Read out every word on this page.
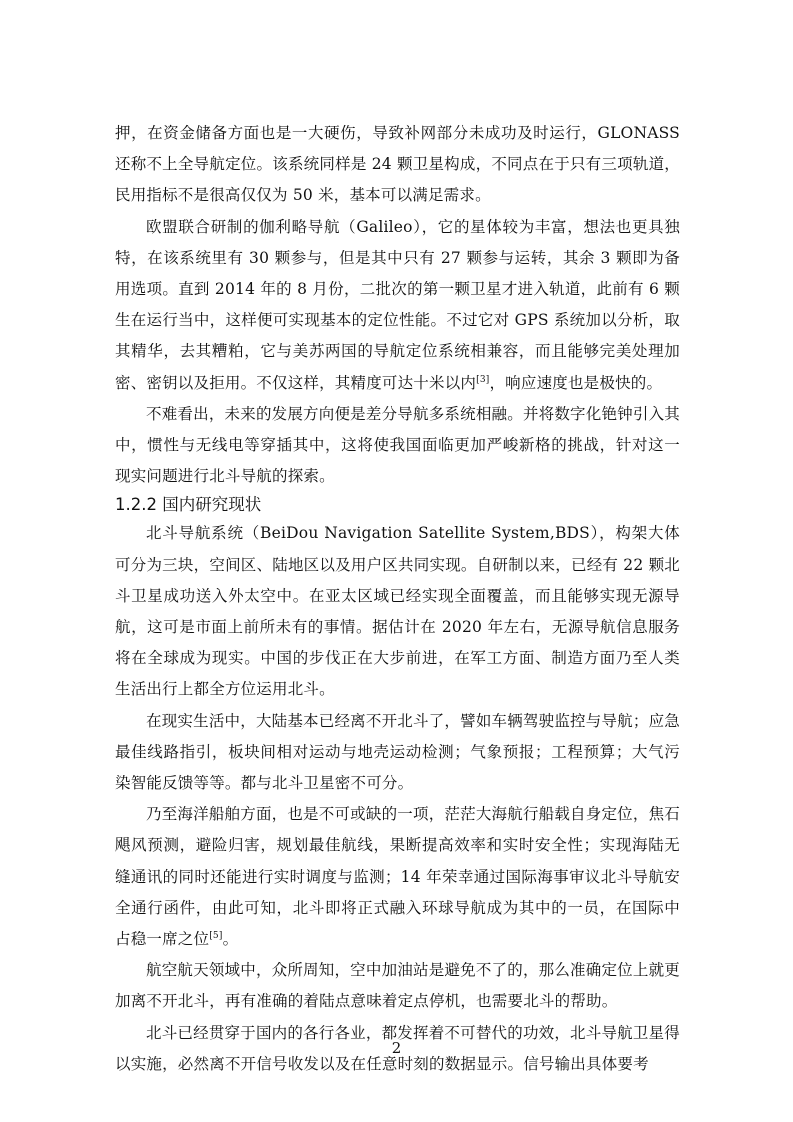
押，在资金储备方面也是一大硬伤，导致补网部分未成功及时运行，GLONASS还称不上全导航定位。该系统同样是 24 颗卫星构成，不同点在于只有三项轨道，民用指标不是很高仅仅为 50 米，基本可以满足需求。

欧盟联合研制的伽利略导航（Galileo），它的星体较为丰富，想法也更具独特，在该系统里有 30 颗参与，但是其中只有 27 颗参与运转，其余 3 颗即为备用选项。直到 2014 年的 8 月份，二批次的第一颗卫星才进入轨道，此前有 6 颗生在运行当中，这样便可实现基本的定位性能。不过它对 GPS 系统加以分析，取其精华，去其糟粕，它与美苏两国的导航定位系统相兼容，而且能够完美处理加密、密钥以及拒用。不仅这样，其精度可达十米以内[3]，响应速度也是极快的。

不难看出，未来的发展方向便是差分导航多系统相融。并将数字化铯钟引入其中，惯性与无线电等穿插其中，这将使我国面临更加严峻新格的挑战，针对这一现实问题进行北斗导航的探索。

1.2.2 国内研究现状

北斗导航系统（BeiDou Navigation Satellite System,BDS），构架大体可分为三块，空间区、陆地区以及用户区共同实现。自研制以来，已经有 22 颗北斗卫星成功送入外太空中。在亚太区域已经实现全面覆盖，而且能够实现无源导航，这可是市面上前所未有的事情。据估计在 2020 年左右，无源导航信息服务将在全球成为现实。中国的步伐正在大步前进，在军工方面、制造方面乃至人类生活出行上都全方位运用北斗。

在现实生活中，大陆基本已经离不开北斗了，譬如车辆驾驶监控与导航；应急最佳线路指引，板块间相对运动与地壳运动检测；气象预报；工程预算；大气污染智能反馈等等。都与北斗卫星密不可分。

乃至海洋船舶方面，也是不可或缺的一项，茫茫大海航行船载自身定位，焦石飓风预测，避险归害，规划最佳航线，果断提高效率和实时安全性；实现海陆无缝通讯的同时还能进行实时调度与监测；14 年荣幸通过国际海事审议北斗导航安全通行函件，由此可知，北斗即将正式融入环球导航成为其中的一员，在国际中占稳一席之位[5]。

航空航天领域中，众所周知，空中加油站是避免不了的，那么准确定位上就更加离不开北斗，再有准确的着陆点意味着定点停机，也需要北斗的帮助。

北斗已经贯穿于国内的各行各业，都发挥着不可替代的功效，北斗导航卫星得以实施，必然离不开信号收发以及在任意时刻的数据显示。信号输出具体要考

2
